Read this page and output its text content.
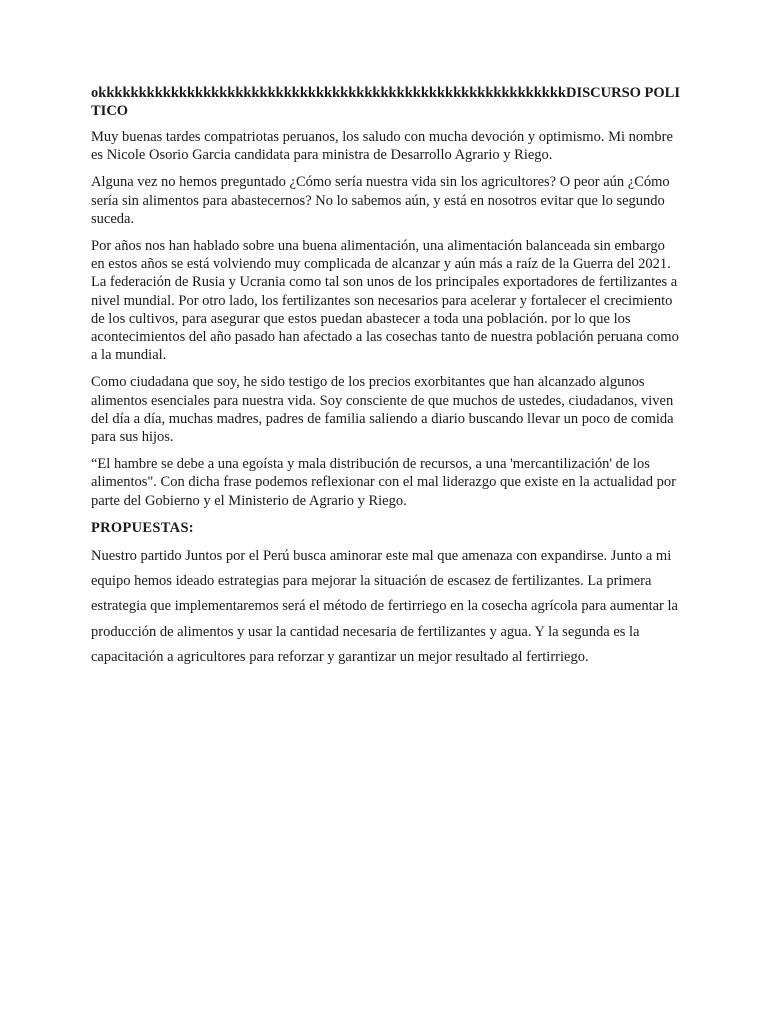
okkkkkkkkkkkkkkkkkkkkkkkkkkkkkkkkkkkkkkkkkkkkkkkkkkkkkkkkkkDISCURSO POLITICO

Muy buenas tardes compatriotas peruanos, los saludo con mucha devoción y optimismo. Mi nombre es Nicole Osorio Garcia candidata para ministra de Desarrollo Agrario y Riego.

Alguna vez no hemos preguntado ¿Cómo sería nuestra vida sin los agricultores? O peor aún ¿Cómo sería sin alimentos para abastecernos? No lo sabemos aún, y está en nosotros evitar que lo segundo suceda.

Por años nos han hablado sobre una buena alimentación, una alimentación balanceada sin embargo en estos años se está volviendo muy complicada de alcanzar y aún más a raíz de la Guerra del 2021. La federación de Rusia y Ucrania como tal son unos de los principales exportadores de fertilizantes a nivel mundial. Por otro lado, los fertilizantes son necesarios para acelerar y fortalecer el crecimiento de los cultivos, para asegurar que estos puedan abastecer a toda una población. por lo que los acontecimientos del año pasado han afectado a las cosechas tanto de nuestra población peruana como a la mundial.

Como ciudadana que soy, he sido testigo de los precios exorbitantes que han alcanzado algunos alimentos esenciales para nuestra vida. Soy consciente de que muchos de ustedes, ciudadanos, viven del día a día, muchas madres, padres de familia saliendo a diario buscando llevar un poco de comida para sus hijos.

“El hambre se debe a una egoísta y mala distribución de recursos, a una 'mercantilización' de los alimentos". Con dicha frase podemos reflexionar con el mal liderazgo que existe en la actualidad por parte del Gobierno y el Ministerio de Agrario y Riego.

PROPUESTAS:

Nuestro partido Juntos por el Perú busca aminorar este mal que amenaza con expandirse. Junto a mi equipo hemos ideado estrategias para mejorar la situación de escasez de fertilizantes. La primera estrategia que implementaremos será el método de fertirriego en la cosecha agrícola para aumentar la producción de alimentos y usar la cantidad necesaria de fertilizantes y agua. Y la segunda es la capacitación a agricultores para reforzar y garantizar un mejor resultado al fertirriego.
